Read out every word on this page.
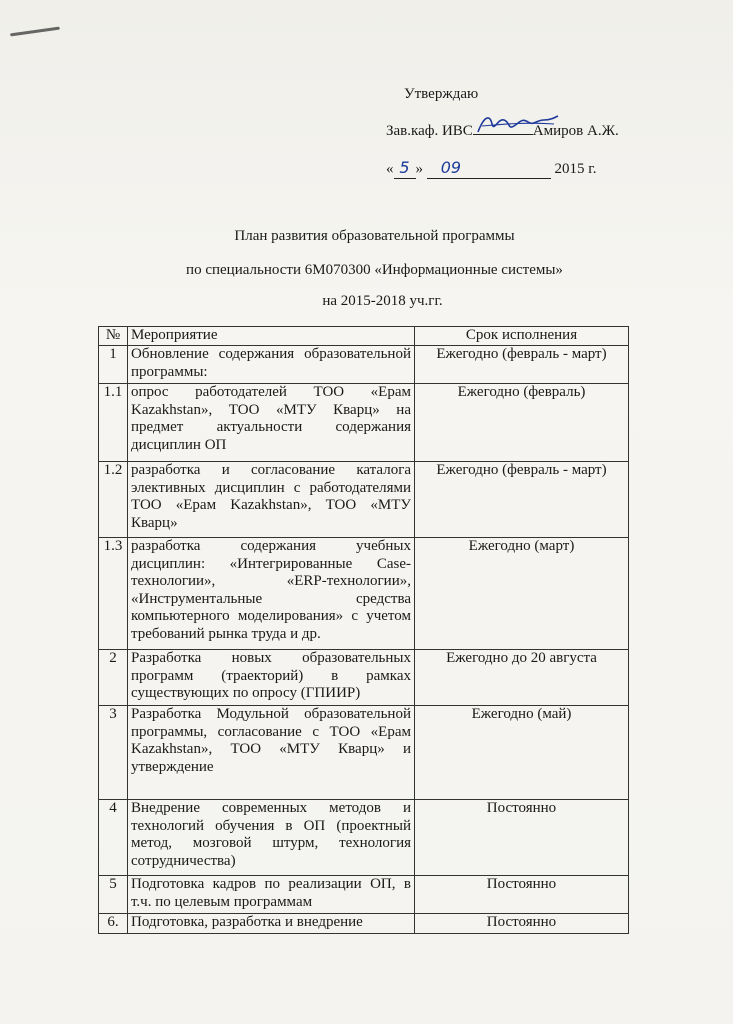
Утверждаю
Зав.каф. ИВС	Амиров А.Ж.
« 5 » 09	2015 г.
План развития образовательной программы
по специальности 6М070300 «Информационные системы»
на 2015-2018 уч.гг.
№	Мероприятие	Срок исполнения
1	Обновление содержания образовательной программы:	Ежегодно (февраль - март)
1.1	опрос работодателей ТОО «Ерам Kazakhstan», ТОО «МТУ Кварц» на предмет актуальности содержания дисциплин ОП	Ежегодно (февраль)
1.2	разработка и согласование каталога элективных дисциплин с работодателями ТОО «Ерам Kazakhstan», ТОО «МТУ Кварц»	Ежегодно (февраль - март)
1.3	разработка содержания учебных дисциплин: «Интегрированные Case-технологии», «ERP-технологии», «Инструментальные средства компьютерного моделирования» с учетом требований рынка труда и др.	Ежегодно (март)
2	Разработка новых образовательных программ (траекторий) в рамках существующих по опросу (ГПИИР)	Ежегодно до 20 августа
3	Разработка Модульной образовательной программы, согласование с ТОО «Ерам Kazakhstan», ТОО «МТУ Кварц» и утверждение	Ежегодно (май)
4	Внедрение современных методов и технологий обучения в ОП (проектный метод, мозговой штурм, технология сотрудничества)	Постоянно
5	Подготовка кадров по реализации ОП, в т.ч. по целевым программам	Постоянно
6.	Подготовка, разработка и внедрение	Постоянно
